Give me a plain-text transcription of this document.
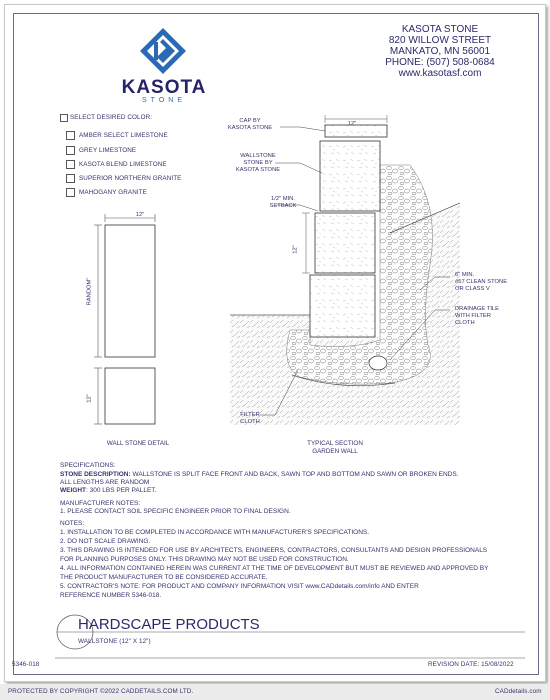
KASOTA
STONE
KASOTA STONE
820 WILLOW STREET
MANKATO, MN 56001
PHONE: (507) 508-0684
www.kasotasf.com
SELECT DESIRED COLOR:
AMBER SELECT LIMESTONE
GREY LIMESTONE
KASOTA BLEND LIMESTONE
SUPERIOR NORTHERN GRANITE
MAHOGANY GRANITE
12"
RANDOM"
12"
WALL STONE DETAIL
12"
CAP BY
KASOTA STONE
WALLSTONE
STONE BY
KASOTA STONE
1/2" MIN.
SETBACK
12"
6" MIN.
#57 CLEAN STONE
OR CLASS V
DRAINAGE TILE
WITH FILTER
CLOTH
FILTER
CLOTH
TYPICAL SECTION
GARDEN WALL
SPECIFICATIONS:
STONE DESCRIPTION: WALLSTONE IS SPLIT FACE FRONT AND BACK, SAWN TOP AND BOTTOM AND SAWN OR BROKEN ENDS.
ALL LENGTHS ARE RANDOM
WEIGHT: 300 LBS PER PALLET.
MANUFACTURER NOTES:
1. PLEASE CONTACT SOIL SPECIFIC ENGINEER PRIOR TO FINAL DESIGN.
NOTES:
1. INSTALLATION TO BE COMPLETED IN ACCORDANCE WITH MANUFACTURER'S SPECIFICATIONS.
2. DO NOT SCALE DRAWING.
3. THIS DRAWING IS INTENDED FOR USE BY ARCHITECTS, ENGINEERS, CONTRACTORS, CONSULTANTS AND DESIGN PROFESSIONALS
FOR PLANNING PURPOSES ONLY. THIS DRAWING MAY NOT BE USED FOR CONSTRUCTION.
4. ALL INFORMATION CONTAINED HEREIN WAS CURRENT AT THE TIME OF DEVELOPMENT BUT MUST BE REVIEWED AND APPROVED BY
THE PRODUCT MANUFACTURER TO BE CONSIDERED ACCURATE.
5. CONTRACTOR'S NOTE: FOR PRODUCT AND COMPANY INFORMATION VISIT www.CADdetails.com/info AND ENTER
REFERENCE NUMBER 5346-018.
HARDSCAPE PRODUCTS
WALLSTONE (12" X 12")
5346-018	REVISION DATE: 15/08/2022
PROTECTED BY COPYRIGHT ©2022 CADDETAILS.COM LTD.	CADdetails.com
